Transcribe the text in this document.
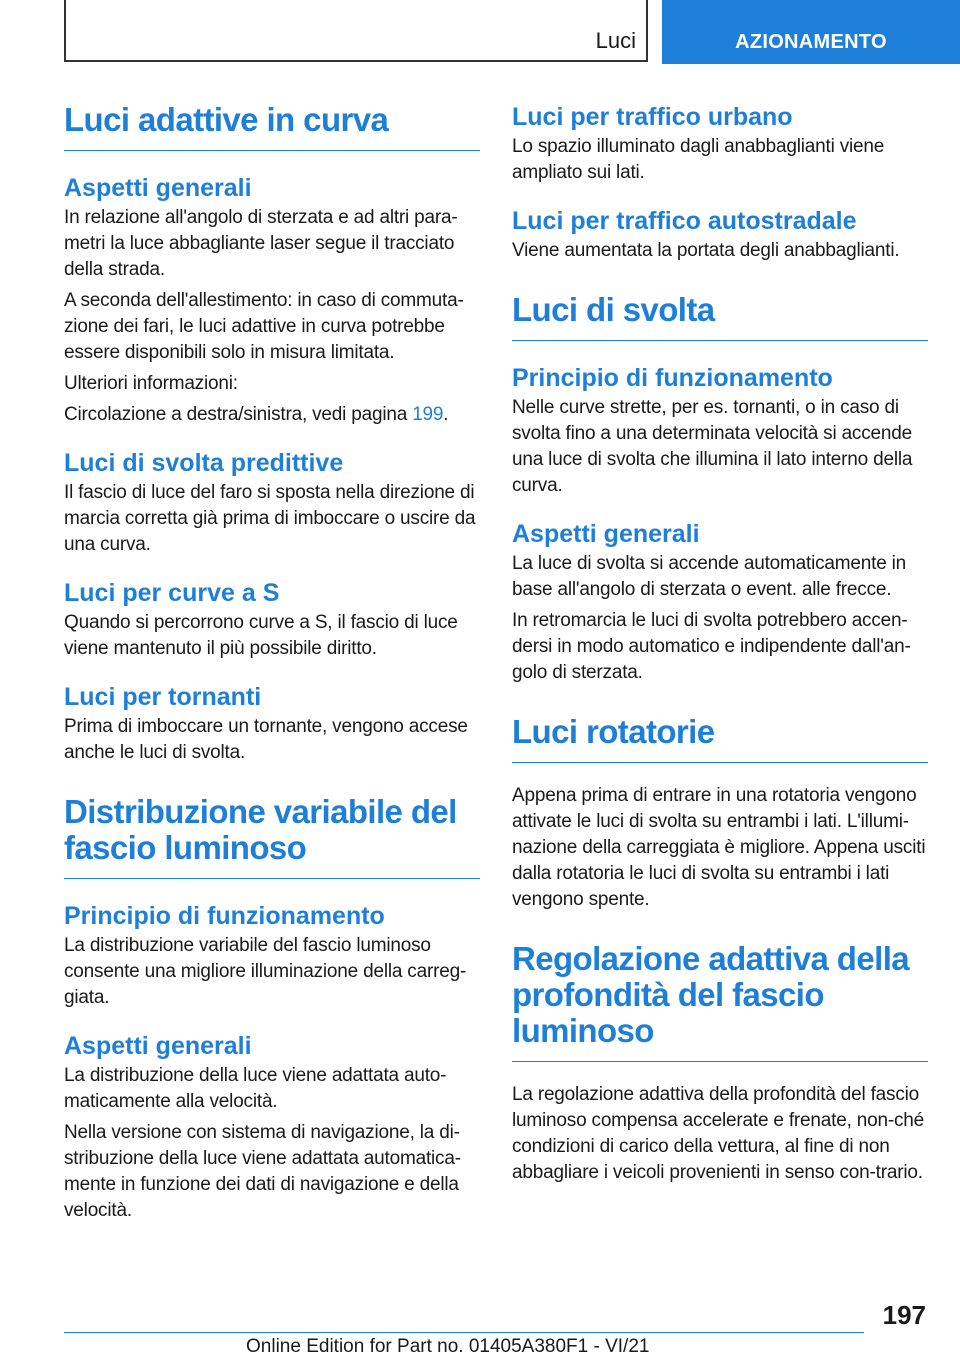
Luci	AZIONAMENTO
Luci adattive in curva
Aspetti generali
In relazione all'angolo di sterzata e ad altri para-metri la luce abbagliante laser segue il tracciato della strada.
A seconda dell'allestimento: in caso di commuta-zione dei fari, le luci adattive in curva potrebbe essere disponibili solo in misura limitata.
Ulteriori informazioni:
Circolazione a destra/sinistra, vedi pagina 199.
Luci di svolta predittive
Il fascio di luce del faro si sposta nella direzione di marcia corretta già prima di imboccare o uscire da una curva.
Luci per curve a S
Quando si percorrono curve a S, il fascio di luce viene mantenuto il più possibile diritto.
Luci per tornanti
Prima di imboccare un tornante, vengono accese anche le luci di svolta.
Distribuzione variabile del fascio luminoso
Principio di funzionamento
La distribuzione variabile del fascio luminoso consente una migliore illuminazione della carreg-giata.
Aspetti generali
La distribuzione della luce viene adattata auto-maticamente alla velocità.
Nella versione con sistema di navigazione, la di-stribuzione della luce viene adattata automatica-mente in funzione dei dati di navigazione e della velocità.
Luci per traffico urbano
Lo spazio illuminato dagli anabbaglianti viene ampliato sui lati.
Luci per traffico autostradale
Viene aumentata la portata degli anabbaglianti.
Luci di svolta
Principio di funzionamento
Nelle curve strette, per es. tornanti, o in caso di svolta fino a una determinata velocità si accende una luce di svolta che illumina il lato interno della curva.
Aspetti generali
La luce di svolta si accende automaticamente in base all'angolo di sterzata o event. alle frecce.
In retromarcia le luci di svolta potrebbero accen-dersi in modo automatico e indipendente dall'an-golo di sterzata.
Luci rotatorie
Appena prima di entrare in una rotatoria vengono attivate le luci di svolta su entrambi i lati. L'illumi-nazione della carreggiata è migliore. Appena usciti dalla rotatoria le luci di svolta su entrambi i lati vengono spente.
Regolazione adattiva della profondità del fascio luminoso
La regolazione adattiva della profondità del fascio luminoso compensa accelerate e frenate, non-ché condizioni di carico della vettura, al fine di non abbagliare i veicoli provenienti in senso con-trario.
197
Online Edition for Part no. 01405A380F1 - VI/21
